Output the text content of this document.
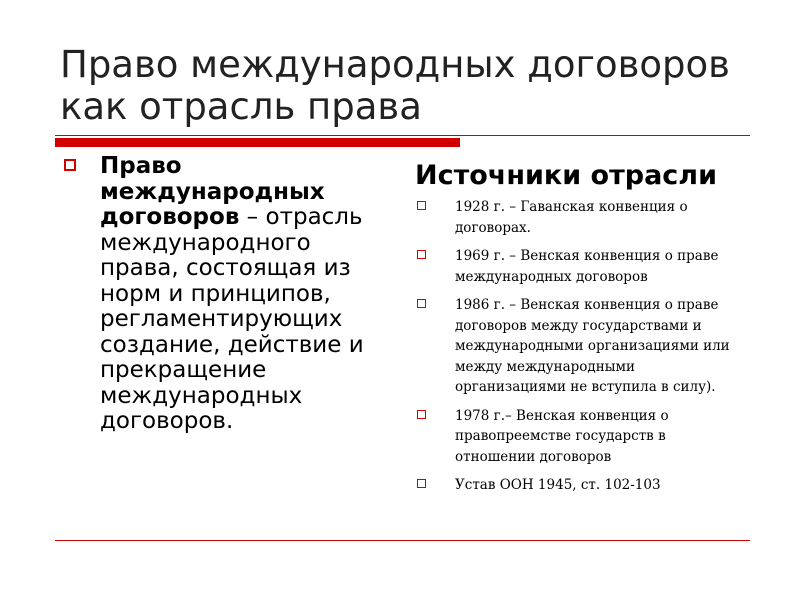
Право международных договоров
как отрасль права
Право международных договоров – отрасль международного права, состоящая из норм и принципов, регламентирующих создание, действие и прекращение международных договоров.
Источники отрасли
1928 г. – Гаванская конвенция о договорах.
1969 г. – Венская конвенция о праве международных договоров
1986 г. – Венская конвенция о праве договоров между государствами и международными организациями или между международными организациями не вступила в силу).
1978 г.– Венская конвенция о правопреемстве государств в отношении договоров
Устав ООН 1945, ст. 102-103
